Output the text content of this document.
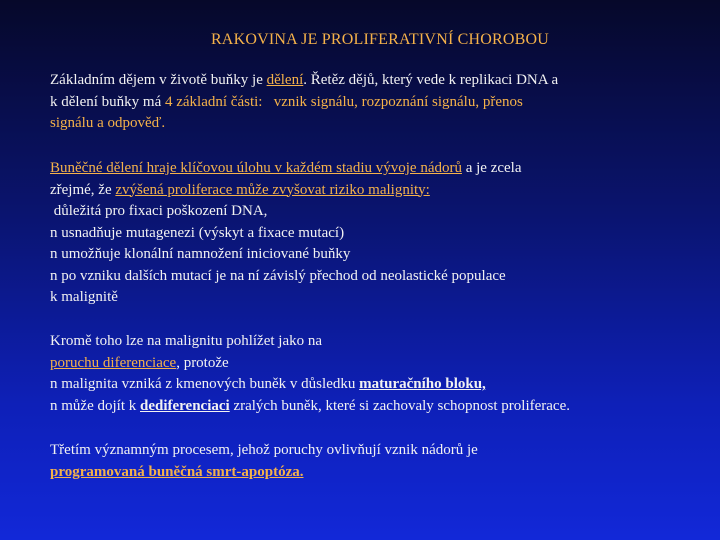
RAKOVINA JE PROLIFERATIVNÍ CHOROBOU
Základním dějem v životě buňky je dělení. Řetěz dějů, který vede k replikaci DNA a
k dělení buňky má 4 základní části:   vznik signálu, rozpoznání signálu, přenos
signálu a odpověď.
Buněčné dělení hraje klíčovou úlohu v každém stadiu vývoje nádorů a je zcela
zřejmé, že zvýšená proliferace může zvyšovat riziko malignity:
důležitá pro fixaci poškození DNA,
n usnadňuje mutagenezi (výskyt a fixace mutací)
n umožňuje klonální namnožení iniciované buňky
n po vzniku dalších mutací je na ní závislý přechod od neolastické populace
k malignitě
Kromě toho lze na malignitu pohlížet jako na
poruchu diferenciace, protože
n malignita vzniká z kmenových buněk v důsledku maturačního bloku,
n může dojít k dediferenciaci zralých buněk, které si zachovaly schopnost proliferace.
Třetím významným procesem, jehož poruchy ovlivňují vznik nádorů je
programovaná buněčná smrt-apoptóza.
